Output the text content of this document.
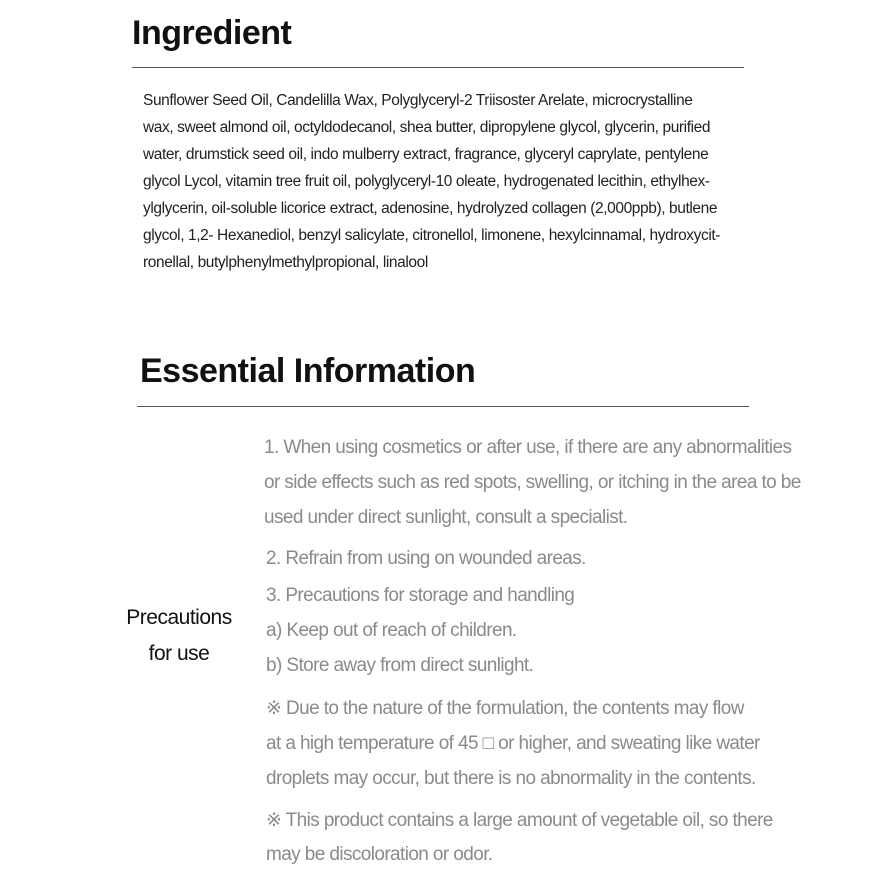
Ingredient

Sunflower Seed Oil, Candelilla Wax, Polyglyceryl-2 Triisoster Arelate, microcrystalline
wax, sweet almond oil, octyldodecanol, shea butter, dipropylene glycol, glycerin, purified
water, drumstick seed oil, indo mulberry extract, fragrance, glyceryl caprylate, pentylene
glycol Lycol, vitamin tree fruit oil, polyglyceryl-10 oleate, hydrogenated lecithin, ethylhex-
ylglycerin, oil-soluble licorice extract, adenosine, hydrolyzed collagen (2,000ppb), butlene
glycol, 1,2- Hexanediol, benzyl salicylate, citronellol, limonene, hexylcinnamal, hydroxycit-
ronellal, butylphenylmethylpropional, linalool

Essential Information
Precautions
for use
1. When using cosmetics or after use, if there are any abnormalities
or side effects such as red spots, swelling, or itching in the area to be
used under direct sunlight, consult a specialist.
2. Refrain from using on wounded areas.
3. Precautions for storage and handling
a) Keep out of reach of children.
b) Store away from direct sunlight.
※ Due to the nature of the formulation, the contents may flow
at a high temperature of 45 □ or higher, and sweating like water
droplets may occur, but there is no abnormality in the contents.
※ This product contains a large amount of vegetable oil, so there
may be discoloration or odor.
